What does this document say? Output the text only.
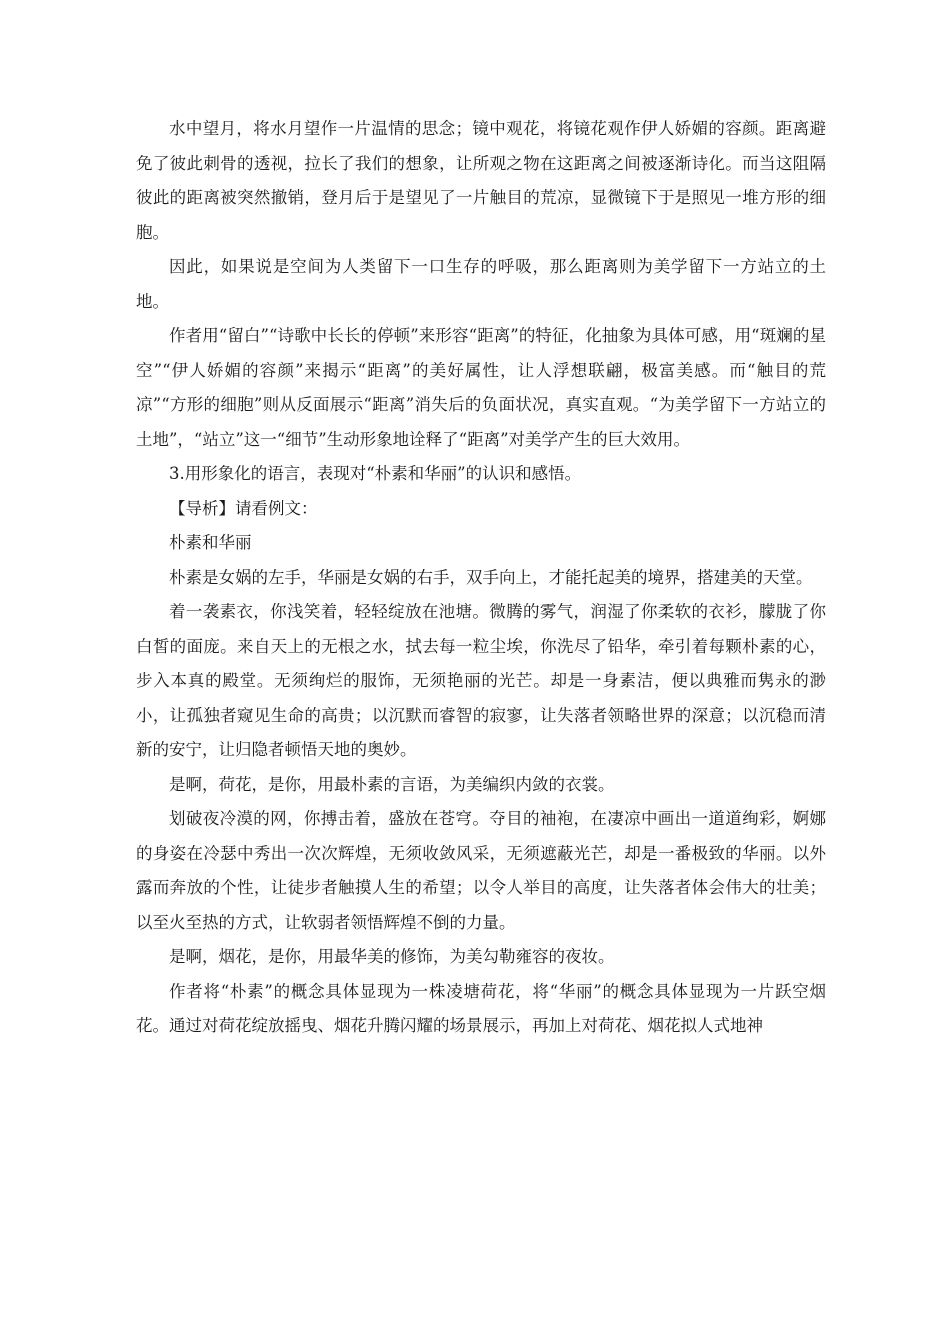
水中望月，将水月望作一片温情的思念；镜中观花，将镜花观作伊人娇媚的容颜。距离避免了彼此刺骨的透视，拉长了我们的想象，让所观之物在这距离之间被逐渐诗化。而当这阻隔彼此的距离被突然撤销，登月后于是望见了一片触目的荒凉，显微镜下于是照见一堆方形的细胞。

因此，如果说是空间为人类留下一口生存的呼吸，那么距离则为美学留下一方站立的土地。

作者用“留白”“诗歌中长长的停顿”来形容“距离”的特征，化抽象为具体可感，用“斑斓的星空”“伊人娇媚的容颜”来揭示“距离”的美好属性，让人浮想联翩，极富美感。而“触目的荒凉”“方形的细胞”则从反面展示“距离”消失后的负面状况，真实直观。“为美学留下一方站立的土地”，“站立”这一“细节”生动形象地诠释了“距离”对美学产生的巨大效用。

3.用形象化的语言，表现对“朴素和华丽”的认识和感悟。

【导析】请看例文：

朴素和华丽

朴素是女娲的左手，华丽是女娲的右手，双手向上，才能托起美的境界，搭建美的天堂。

着一袭素衣，你浅笑着，轻轻绽放在池塘。微腾的雾气，润湿了你柔软的衣衫，朦胧了你白皙的面庞。来自天上的无根之水，拭去每一粒尘埃，你洗尽了铅华，牵引着每颗朴素的心，步入本真的殿堂。无须绚烂的服饰，无须艳丽的光芒。却是一身素洁，便以典雅而隽永的渺小，让孤独者窥见生命的高贵；以沉默而睿智的寂寥，让失落者领略世界的深意；以沉稳而清新的安宁，让归隐者顿悟天地的奥妙。

是啊，荷花，是你，用最朴素的言语，为美编织内敛的衣裳。

划破夜冷漠的网，你搏击着，盛放在苍穹。夺目的袖袍，在凄凉中画出一道道绚彩，婀娜的身姿在冷瑟中秀出一次次辉煌，无须收敛风采，无须遮蔽光芒，却是一番极致的华丽。以外露而奔放的个性，让徒步者触摸人生的希望；以令人举目的高度，让失落者体会伟大的壮美；以至火至热的方式，让软弱者领悟辉煌不倒的力量。

是啊，烟花，是你，用最华美的修饰，为美勾勒雍容的夜妆。

作者将“朴素”的概念具体显现为一株凌塘荷花，将“华丽”的概念具体显现为一片跃空烟花。通过对荷花绽放摇曳、烟花升腾闪耀的场景展示，再加上对荷花、烟花拟人式地神
